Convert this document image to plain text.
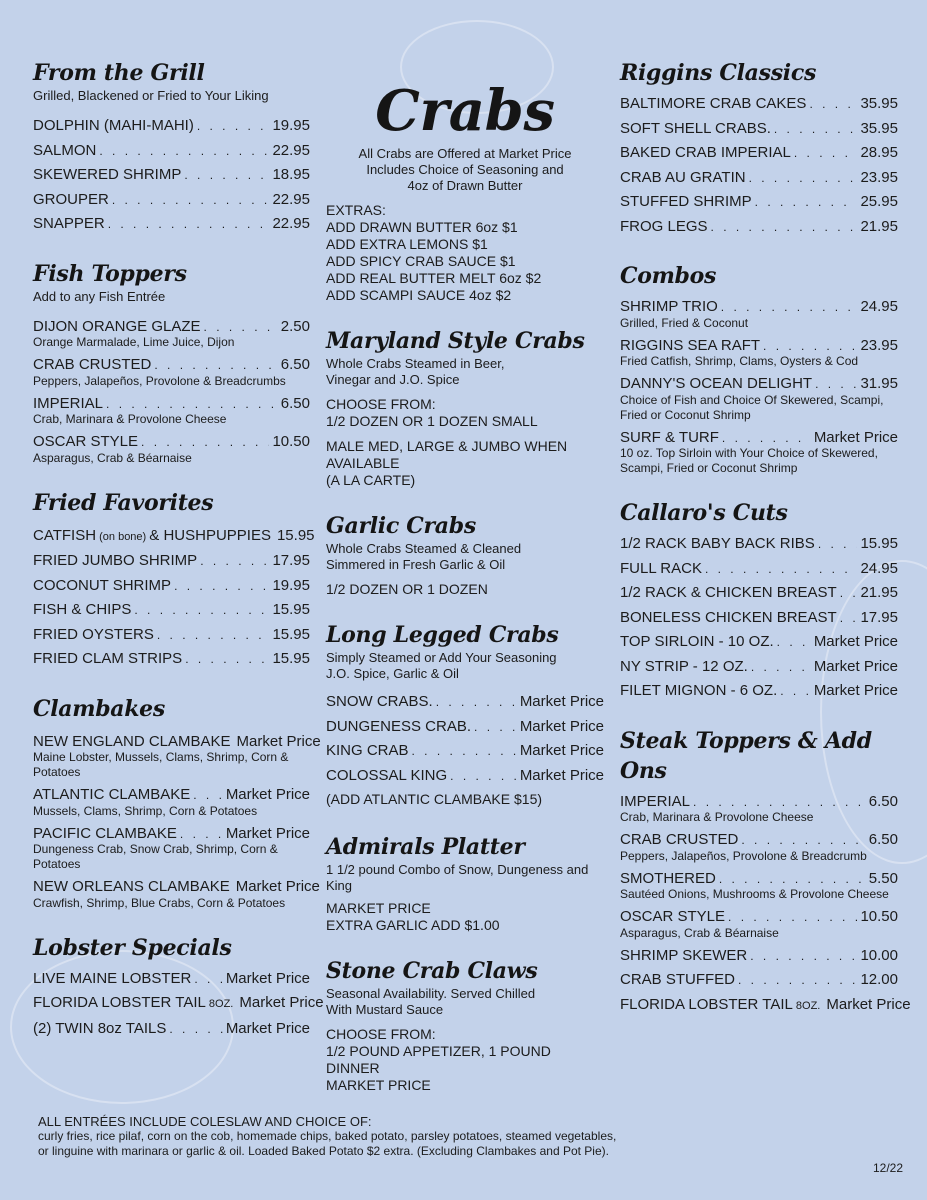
From the Grill

Grilled, Blackened or Fried to Your Liking

DOLPHIN (MAHI-MAHI) . . .	19.95
SALMON . . .	22.95
SKEWERED SHRIMP . . .	18.95
GROUPER . . .	22.95
SNAPPER . . .	22.95
Fish Toppers

Add to any Fish Entrée

DIJON ORANGE GLAZE . . .	2.50
Orange Marmalade, Lime Juice, Dijon
CRAB CRUSTED . . .	6.50
Peppers, Jalapeños, Provolone & Breadcrumbs
IMPERIAL . . .	6.50
Crab, Marinara & Provolone Cheese
OSCAR STYLE . . .	10.50
Asparagus, Crab & Béarnaise
Fried Favorites
CATFISH (on bone) & HUSHPUPPIES 15.95
FRIED JUMBO SHRIMP . . .	17.95
COCONUT SHRIMP . . .	19.95
FISH & CHIPS . . .	15.95
FRIED OYSTERS . . .	15.95
FRIED CLAM STRIPS . . .	15.95
Clambakes
NEW ENGLAND CLAMBAKE Market Price
Maine Lobster, Mussels, Clams, Shrimp, Corn & Potatoes
ATLANTIC CLAMBAKE . . . Market Price
Mussels, Clams, Shrimp, Corn & Potatoes
PACIFIC CLAMBAKE . . .	Market Price
Dungeness Crab, Snow Crab, Shrimp, Corn & Potatoes
NEW ORLEANS CLAMBAKE Market Price
Crawfish, Shrimp, Blue Crabs, Corn & Potatoes
Lobster Specials
LIVE MAINE LOBSTER . . . Market Price
FLORIDA LOBSTER TAIL 8OZ. Market Price
(2) TWIN 8oz TAILS . . .	Market Price
Crabs

All Crabs are Offered at Market Price

Includes Choice of Seasoning and

4oz of Drawn Butter

EXTRAS:

ADD DRAWN BUTTER 6oz $1

ADD EXTRA LEMONS $1

ADD SPICY CRAB SAUCE $1

ADD REAL BUTTER MELT 6oz $2

ADD SCAMPI SAUCE 4oz $2

Maryland Style Crabs

Whole Crabs Steamed in Beer,

Vinegar and J.O. Spice

CHOOSE FROM:

1/2 DOZEN OR 1 DOZEN SMALL

MALE MED, LARGE & JUMBO WHEN AVAILABLE

(A LA CARTE)

Garlic Crabs

Whole Crabs Steamed & Cleaned

Simmered in Fresh Garlic & Oil

1/2 DOZEN OR 1 DOZEN

Long Legged Crabs

Simply Steamed or Add Your Seasoning

J.O. Spice, Garlic & Oil

SNOW CRABS. . . .	Market Price
DUNGENESS CRAB. . . .	Market Price
KING CRAB . . .	Market Price
COLOSSAL KING . . .	Market Price

(ADD ATLANTIC CLAMBAKE $15)

Admirals Platter

1 1/2 pound Combo of Snow, Dungeness and King

MARKET PRICE

EXTRA GARLIC ADD $1.00

Stone Crab Claws

Seasonal Availability. Served Chilled

With Mustard Sauce

CHOOSE FROM:

1/2 POUND APPETIZER, 1 POUND DINNER

MARKET PRICE

Riggins Classics
BALTIMORE CRAB CAKES . . .	35.95
SOFT SHELL CRABS. . . .	35.95
BAKED CRAB IMPERIAL . . .	28.95
CRAB AU GRATIN . . .	23.95
STUFFED SHRIMP . . .	25.95
FROG LEGS . . .	21.95
Combos
SHRIMP TRIO . . .	24.95
Grilled, Fried & Coconut
RIGGINS SEA RAFT . . .	23.95
Fried Catfish, Shrimp, Clams, Oysters & Cod
DANNY'S OCEAN DELIGHT . . .	31.95
Choice of Fish and Choice Of Skewered, Scampi, Fried or Coconut Shrimp
SURF & TURF . . .	Market Price
10 oz. Top Sirloin with Your Choice of Skewered, Scampi, Fried or Coconut Shrimp
Callaro's Cuts
1/2 RACK BABY BACK RIBS . . .	15.95
FULL RACK . . .	24.95
1/2 RACK & CHICKEN BREAST . . . 21.95
BONELESS CHICKEN BREAST . . . 17.95
TOP SIRLOIN - 10 OZ. . . .	Market Price
NY STRIP - 12 OZ. . . .	Market Price
FILET MIGNON - 6 OZ. . . . Market Price
Steak Toppers & Add Ons
IMPERIAL . . .	6.50
Crab, Marinara & Provolone Cheese
CRAB CRUSTED . . .	6.50
Peppers, Jalapeños, Provolone & Breadcrumb
SMOTHERED . . .	5.50
Sautéed Onions, Mushrooms & Provolone Cheese
OSCAR STYLE . . .	10.50
Asparagus, Crab & Béarnaise
SHRIMP SKEWER . . .	10.00
CRAB STUFFED . . .	12.00
FLORIDA LOBSTER TAIL 8OZ. Market Price
ALL ENTRÉES INCLUDE COLESLAW AND CHOICE OF:
curly fries, rice pilaf, corn on the cob, homemade chips, baked potato, parsley potatoes, steamed vegetables,
or linguine with marinara or garlic & oil. Loaded Baked Potato $2 extra. (Excluding Clambakes and Pot Pie).
12/22
